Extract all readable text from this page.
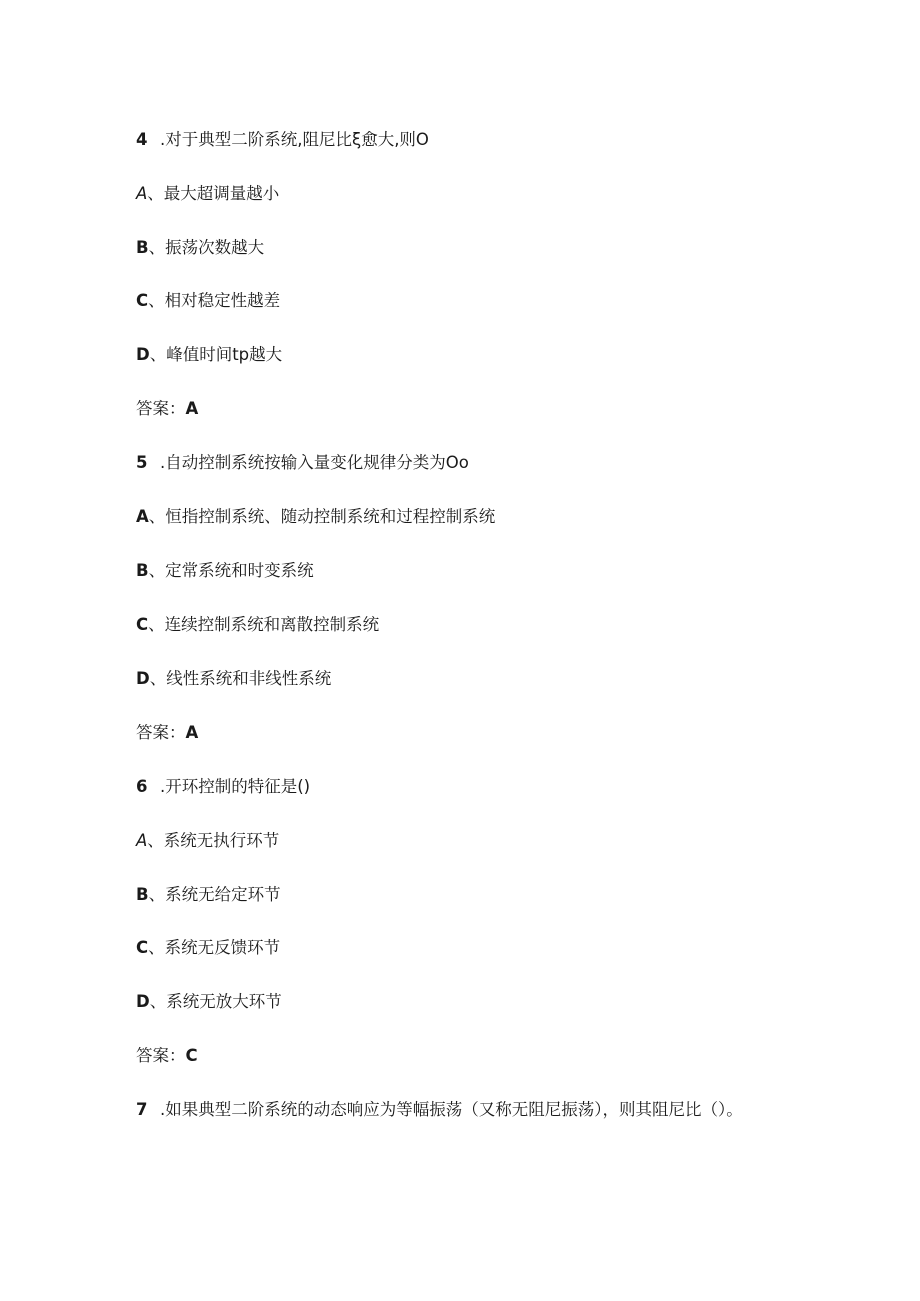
4 .对于典型二阶系统,阻尼比ξ愈大,则O
A、最大超调量越小
B、振荡次数越大
C、相对稳定性越差
D、峰值时间tp越大
答案：A
5 .自动控制系统按输入量变化规律分类为Oo
A、恒指控制系统、随动控制系统和过程控制系统
B、定常系统和时变系统
C、连续控制系统和离散控制系统
D、线性系统和非线性系统
答案：A
6 .开环控制的特征是()
A、系统无执行环节
B、系统无给定环节
C、系统无反馈环节
D、系统无放大环节
答案：C
7 .如果典型二阶系统的动态响应为等幅振荡（又称无阻尼振荡），则其阻尼比（）。
